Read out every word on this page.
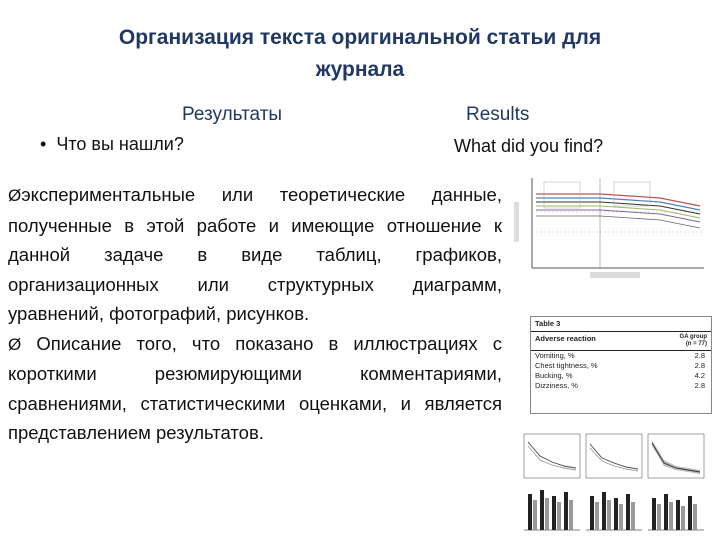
Организация текста оригинальной статьи для
журнала
Результаты	Results
• Что вы нашли?	What did you find?

Øэкспериментальные или теоретические данные, полученные в этой работе и имеющие отношение к данной задаче в виде таблиц, графиков, организационных или структурных диаграмм, уравнений, фотографий, рисунков.

Ø Описание того, что показано в иллюстрациях с короткими резюмирующими комментариями, сравнениями, статистическими оценками, и является представлением результатов.

Table 3
Adverse reaction	GA group
(n = 77)
Vomiting, %	2.8
Chest tightness, %	2.8
Bucking, %	4.2
Dizziness, %	2.8
